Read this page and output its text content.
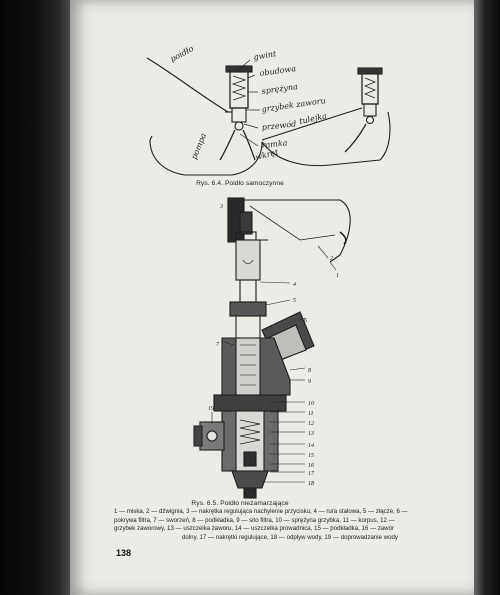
poidło	gwint
obudowa
sprężyna
grzybek zaworu
przewód
ramka
wkręt
tulejka
pompa
1
2
3
4
5
6
7
8
9
10
11
12
13
14
15
16
17
18
19
Rys. 6.4. Poidło samoczynne
Rys. 6.5. Poidło niezamarzające
1 — miska, 2 — dźwignia, 3 — nakrętka regulująca nachylenie przycisku, 4 — rura stalowa, 5 — złącze, 6 —
pokrywa filtra, 7 — sworzeń, 8 — podkładka, 9 — sito filtra, 10 — sprężyna grzybka, 11 — korpus, 12 —
grzybek zaworowy, 13 — uszczelka zaworu, 14 — uszczelka prowadnica, 15 — podkładka, 16 — zawór
dolny, 17 — nakrętki regulujące, 18 — odpływ wody, 19 — doprowadzanie wody
138
